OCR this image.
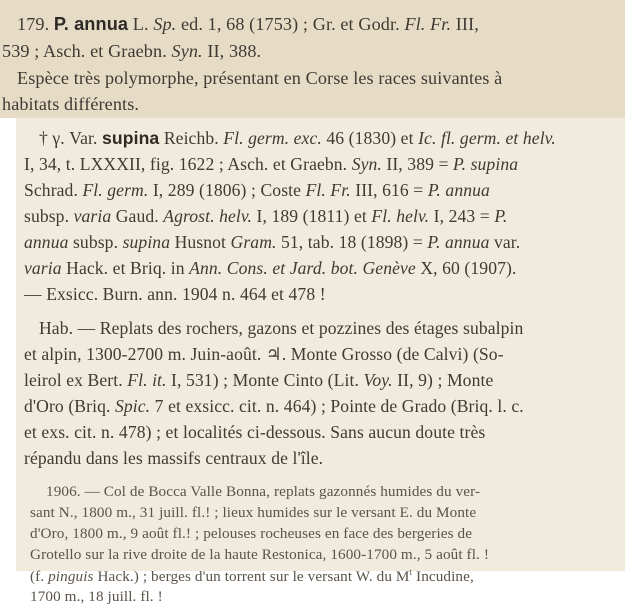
179. P. annua L. Sp. ed. 1, 68 (1753) ; Gr. et Godr. Fl. Fr. III,
539 ; Asch. et Graebn. Syn. II, 388.
Espèce très polymorphe, présentant en Corse les races suivantes à
habitats différents.
† γ. Var. supina Reichb. Fl. germ. exc. 46 (1830) et Ic. fl. germ. et helv.
I, 34, t. LXXXII, fig. 1622 ; Asch. et Graebn. Syn. II, 389 = P. supina
Schrad. Fl. germ. I, 289 (1806) ; Coste Fl. Fr. III, 616 = P. annua
subsp. varia Gaud. Agrost. helv. I, 189 (1811) et Fl. helv. I, 243 = P.
annua subsp. supina Husnot Gram. 51, tab. 18 (1898) = P. annua var.
varia Hack. et Briq. in Ann. Cons. et Jard. bot. Genève X, 60 (1907).
— Exsicc. Burn. ann. 1904 n. 464 et 478 !
Hab. — Replats des rochers, gazons et pozzines des étages subalpin
et alpin, 1300-2700 m. Juin-août. ♃. Monte Grosso (de Calvi) (So-
leirol ex Bert. Fl. it. I, 531) ; Monte Cinto (Lit. Voy. II, 9) ; Monte
d'Oro (Briq. Spic. 7 et exsicc. cit. n. 464) ; Pointe de Grado (Briq. l. c.
et exs. cit. n. 478) ; et localités ci-dessous. Sans aucun doute très
répandu dans les massifs centraux de l'île.
1906. — Col de Bocca Valle Bonna, replats gazonnés humides du ver-
sant N., 1800 m., 31 juill. fl.! ; lieux humides sur le versant E. du Monte
d'Oro, 1800 m., 9 août fl.! ; pelouses rocheuses en face des bergeries de
Grotello sur la rive droite de la haute Restonica, 1600-1700 m., 5 août fl. !
(f. pinguis Hack.) ; berges d'un torrent sur le versant W. du $M^t$ Incudine,
1700 m., 18 juill. fl. !
